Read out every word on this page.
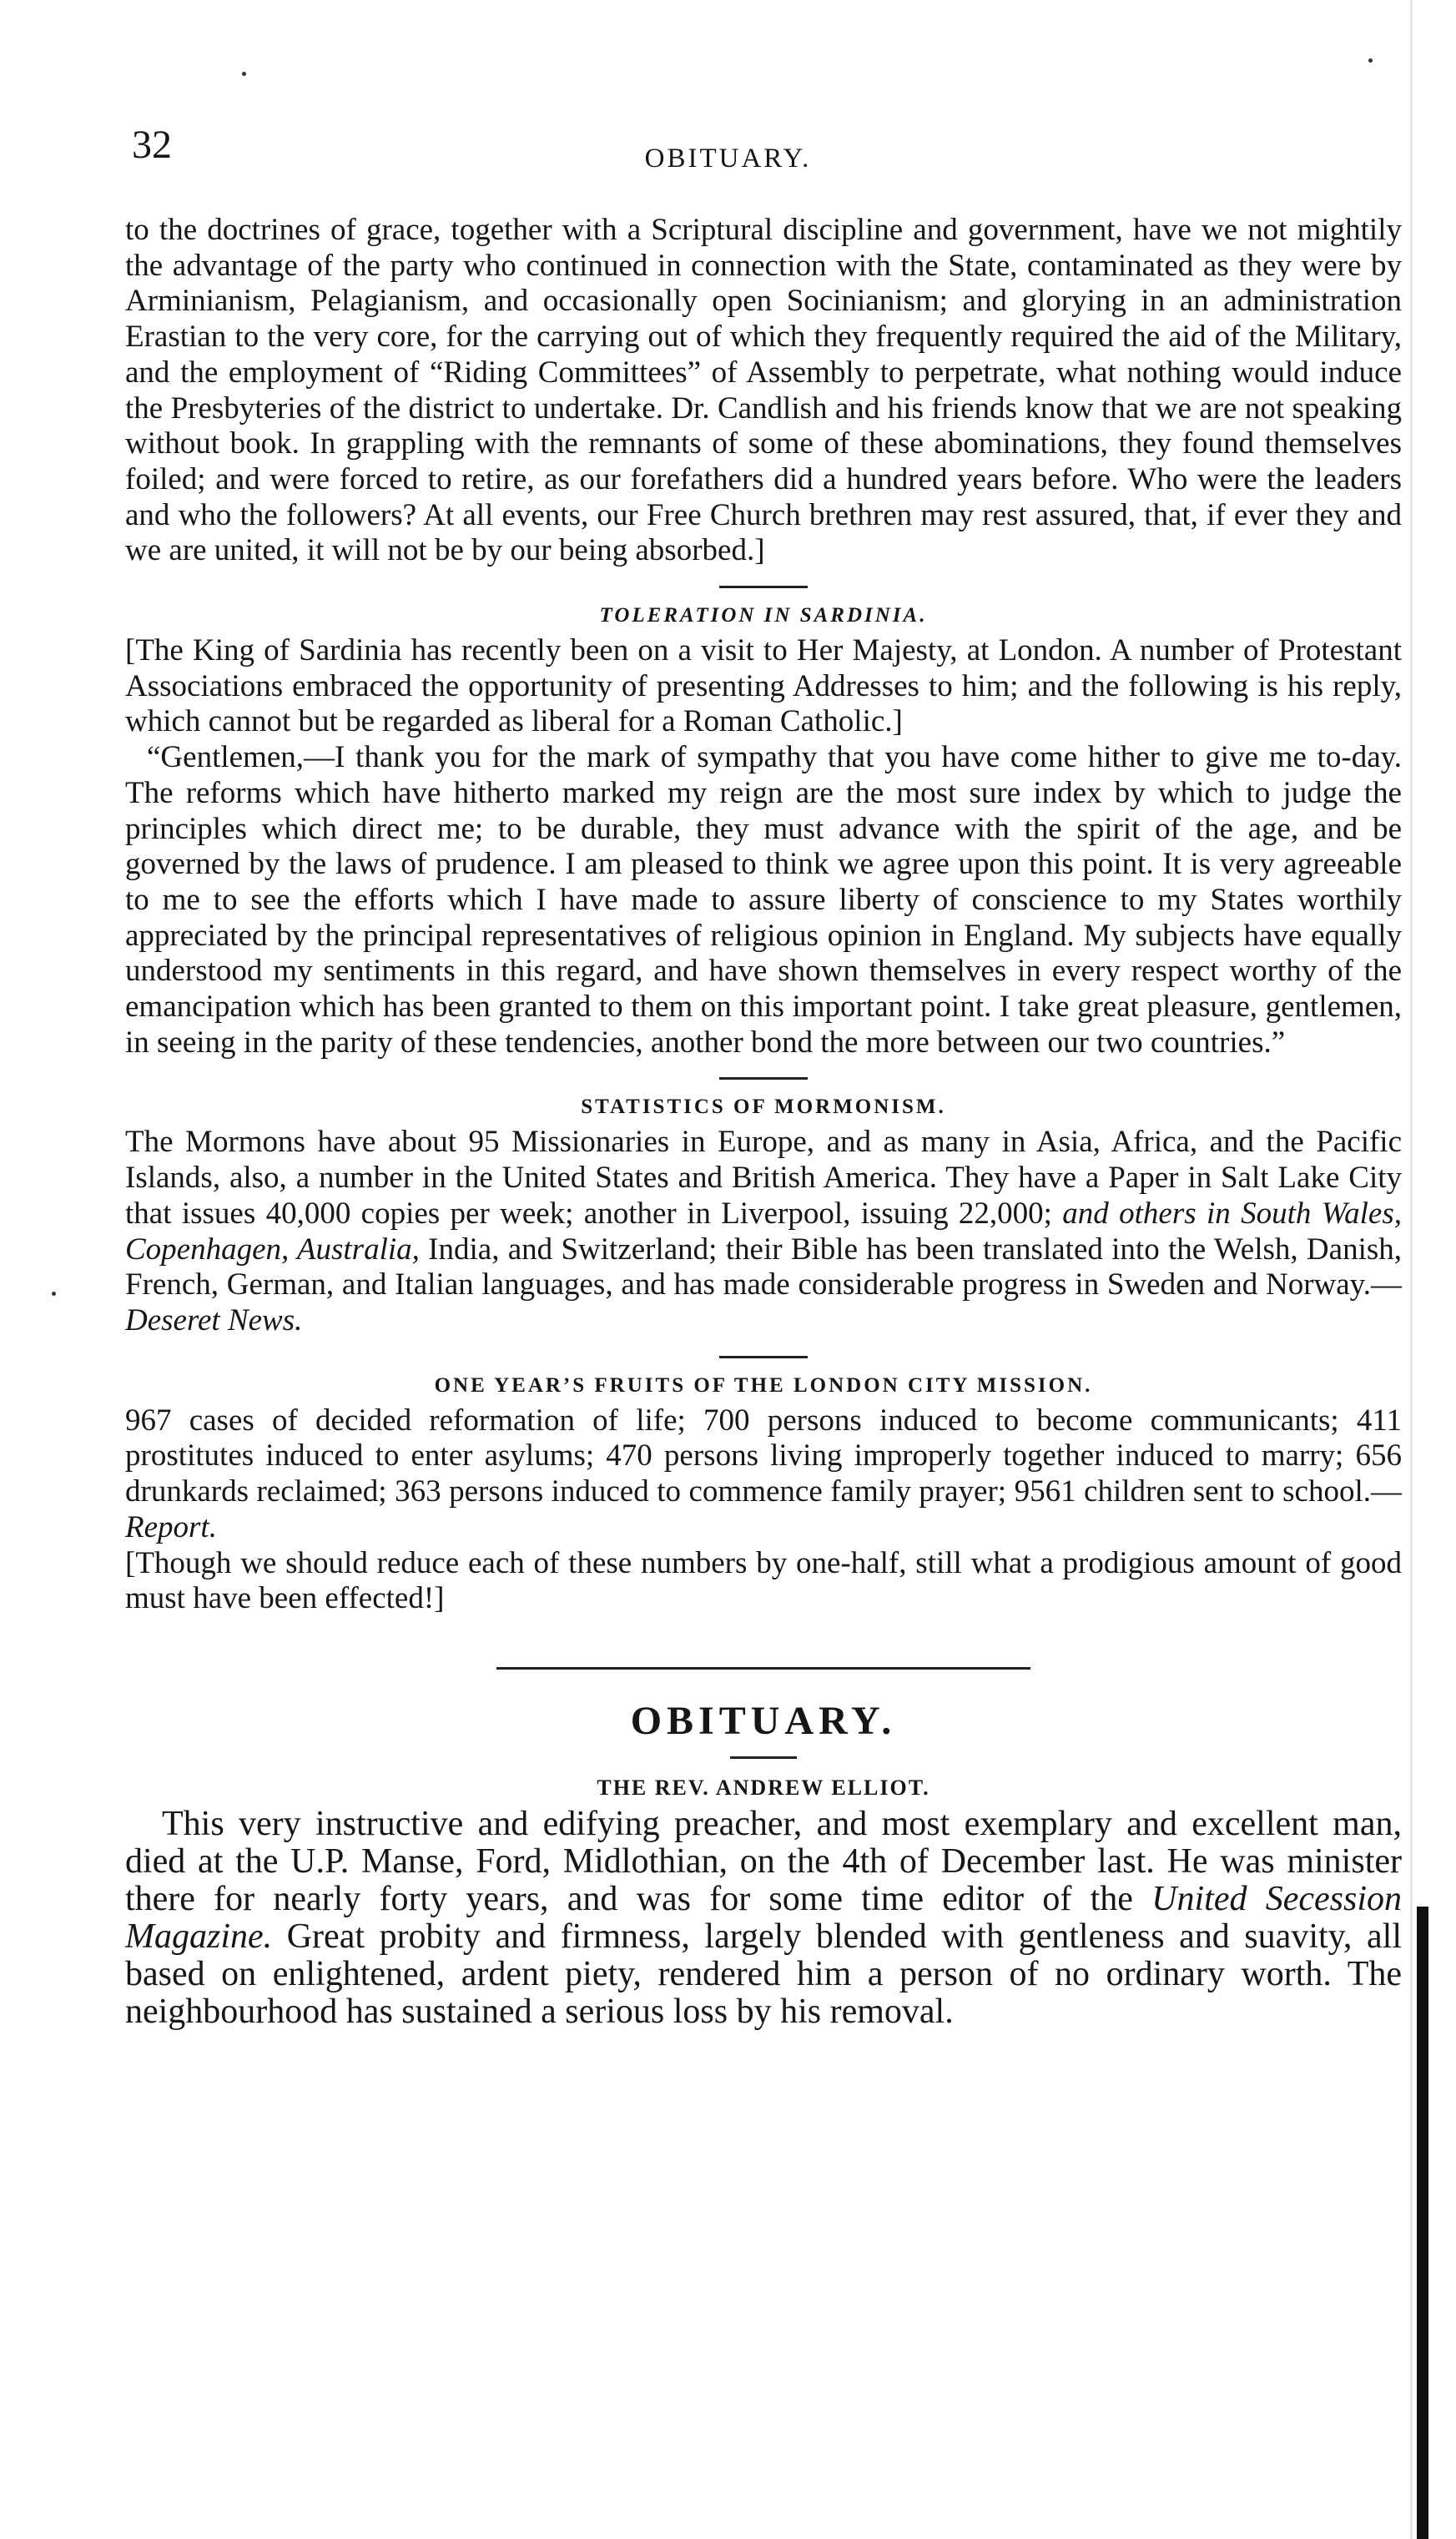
32	OBITUARY.

to the doctrines of grace, together with a Scriptural discipline and government, have we not mightily the advantage of the party who continued in connection with the State, contaminated as they were by Arminianism, Pelagianism, and occasionally open Socinianism; and glorying in an administration Erastian to the very core, for the carrying out of which they frequently required the aid of the Military, and the employment of “Riding Committees” of Assembly to perpetrate, what nothing would induce the Presbyteries of the district to undertake. Dr. Candlish and his friends know that we are not speaking without book. In grappling with the remnants of some of these abominations, they found themselves foiled; and were forced to retire, as our forefathers did a hundred years before. Who were the leaders and who the followers? At all events, our Free Church brethren may rest assured, that, if ever they and we are united, it will not be by our being absorbed.]

TOLERATION IN SARDINIA.

[The King of Sardinia has recently been on a visit to Her Majesty, at London. A number of Protestant Associations embraced the opportunity of presenting Addresses to him; and the following is his reply, which cannot but be regarded as liberal for a Roman Catholic.]

“Gentlemen,—I thank you for the mark of sympathy that you have come hither to give me to-day. The reforms which have hitherto marked my reign are the most sure index by which to judge the principles which direct me; to be durable, they must advance with the spirit of the age, and be governed by the laws of prudence. I am pleased to think we agree upon this point. It is very agreeable to me to see the efforts which I have made to assure liberty of conscience to my States worthily appreciated by the principal representatives of religious opinion in England. My subjects have equally understood my sentiments in this regard, and have shown themselves in every respect worthy of the emancipation which has been granted to them on this important point. I take great pleasure, gentlemen, in seeing in the parity of these tendencies, another bond the more between our two countries.”

STATISTICS OF MORMONISM.

The Mormons have about 95 Missionaries in Europe, and as many in Asia, Africa, and the Pacific Islands, also, a number in the United States and British America. They have a Paper in Salt Lake City that issues 40,000 copies per week; another in Liverpool, issuing 22,000; and others in South Wales, Copenhagen, Australia, India, and Switzerland; their Bible has been translated into the Welsh, Danish, French, German, and Italian languages, and has made considerable progress in Sweden and Norway.—Deseret News.

ONE YEAR’S FRUITS OF THE LONDON CITY MISSION.

967 cases of decided reformation of life; 700 persons induced to become communicants; 411 prostitutes induced to enter asylums; 470 persons living improperly together induced to marry; 656 drunkards reclaimed; 363 persons induced to commence family prayer; 9561 children sent to school.—Report.

[Though we should reduce each of these numbers by one-half, still what a prodigious amount of good must have been effected!]

OBITUARY.
THE REV. ANDREW ELLIOT.

This very instructive and edifying preacher, and most exemplary and excellent man, died at the U.P. Manse, Ford, Midlothian, on the 4th of December last. He was minister there for nearly forty years, and was for some time editor of the United Secession Magazine. Great probity and firmness, largely blended with gentleness and suavity, all based on enlightened, ardent piety, rendered him a person of no ordinary worth. The neighbourhood has sustained a serious loss by his removal.
